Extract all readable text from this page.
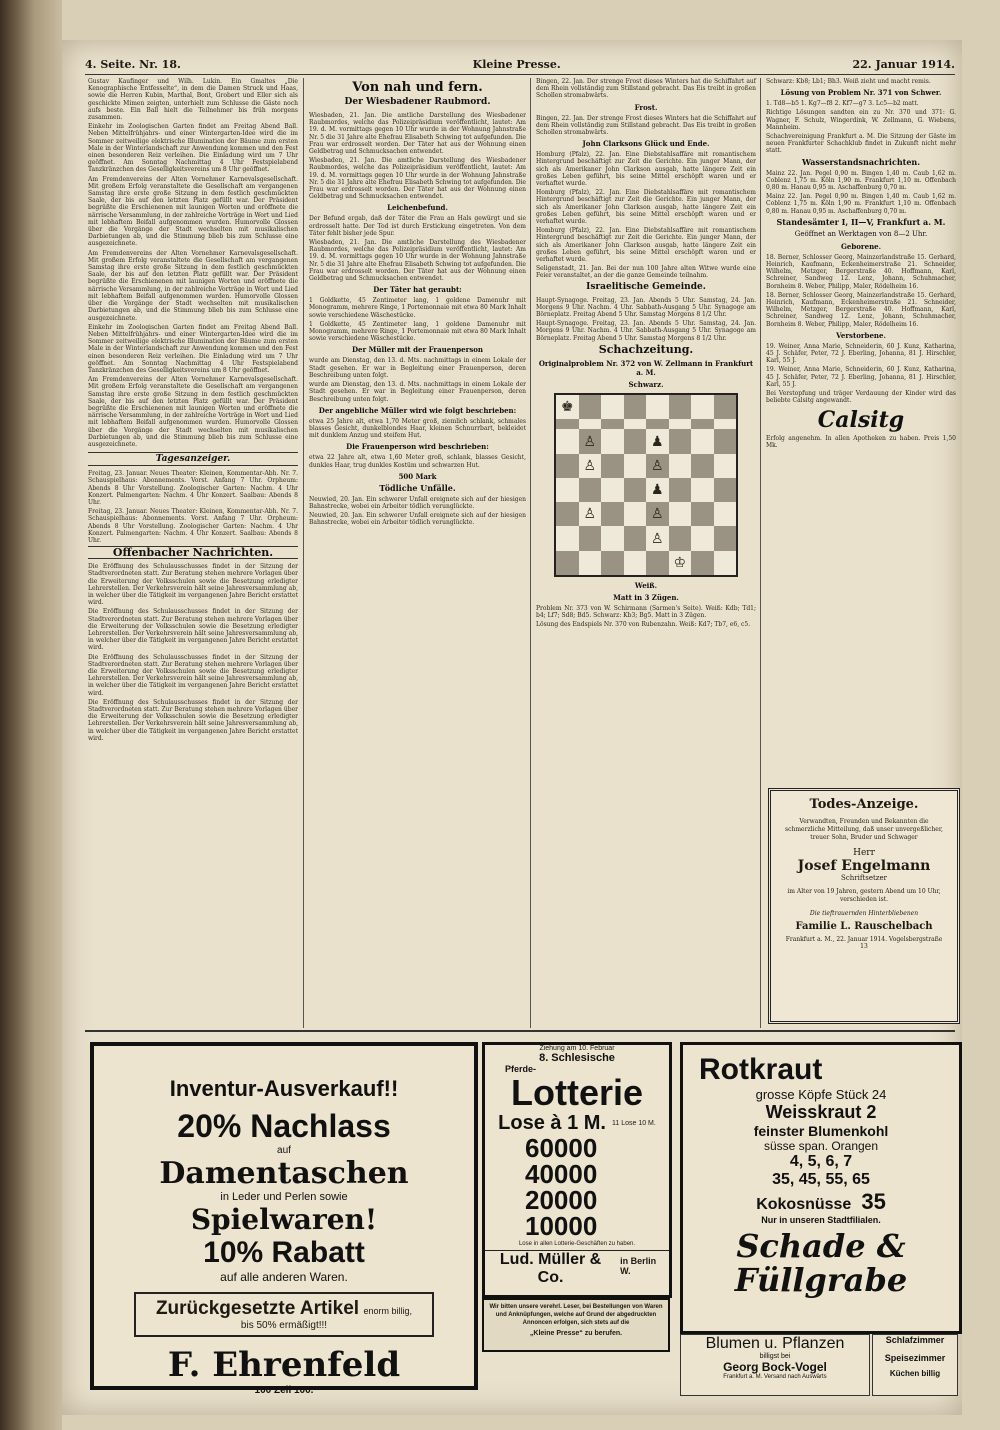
4. Seite. Nr. 18.	Kleine Presse.	22. Januar 1914.

Gustav Kaufinger und Wilh. Lukin. Ein Gmaltes „Die Kenographische Entfesselte“, in dem die Damen Struck und Haas, sowie die Herren Kubin, Marthal, Bont, Grobert und Eller sich als geschickte Mimen zeigten, unterhielt zum Schlusse die Gäste noch aufs beste. Ein Ball hielt die Teilnehmer bis früh morgens zusammen.

Einkehr im Zoologischen Garten findet am Freitag Abend Ball. Neben Mittelfrühjahrs- und einer Wintergarten-Idee wird die im Sommer zeitweilige elektrische Illumination der Bäume zum ersten Male in der Winterlandschaft zur Anwendung kommen und den Fest einen besonderen Reiz verleihen. Die Einladung wird um 7 Uhr geöffnet. Am Sonntag Nachmittag 4 Uhr Festspielabend Tanzkränzchen des Geselligkeitsvereins um 8 Uhr geöffnet.

Am Fremdenvereins der Alten Vornehmer Karnevalsgesellschaft. Mit großem Erfolg veranstaltete die Gesellschaft am vergangenen Samstag ihre erste große Sitzung in dem festlich geschmückten Saale, der bis auf den letzten Platz gefüllt war. Der Präsident begrüßte die Erschienenen mit launigen Worten und eröffnete die närrische Versammlung, in der zahlreiche Vorträge in Wort und Lied mit lebhaftem Beifall aufgenommen wurden. Humorvolle Glossen über die Vorgänge der Stadt wechselten mit musikalischen Darbietungen ab, und die Stimmung blieb bis zum Schlusse eine ausgezeichnete.

Am Fremdenvereins der Alten Vornehmer Karnevalsgesellschaft. Mit großem Erfolg veranstaltete die Gesellschaft am vergangenen Samstag ihre erste große Sitzung in dem festlich geschmückten Saale, der bis auf den letzten Platz gefüllt war. Der Präsident begrüßte die Erschienenen mit launigen Worten und eröffnete die närrische Versammlung, in der zahlreiche Vorträge in Wort und Lied mit lebhaftem Beifall aufgenommen wurden. Humorvolle Glossen über die Vorgänge der Stadt wechselten mit musikalischen Darbietungen ab, und die Stimmung blieb bis zum Schlusse eine ausgezeichnete.

Einkehr im Zoologischen Garten findet am Freitag Abend Ball. Neben Mittelfrühjahrs- und einer Wintergarten-Idee wird die im Sommer zeitweilige elektrische Illumination der Bäume zum ersten Male in der Winterlandschaft zur Anwendung kommen und den Fest einen besonderen Reiz verleihen. Die Einladung wird um 7 Uhr geöffnet. Am Sonntag Nachmittag 4 Uhr Festspielabend Tanzkränzchen des Geselligkeitsvereins um 8 Uhr geöffnet.

Am Fremdenvereins der Alten Vornehmer Karnevalsgesellschaft. Mit großem Erfolg veranstaltete die Gesellschaft am vergangenen Samstag ihre erste große Sitzung in dem festlich geschmückten Saale, der bis auf den letzten Platz gefüllt war. Der Präsident begrüßte die Erschienenen mit launigen Worten und eröffnete die närrische Versammlung, in der zahlreiche Vorträge in Wort und Lied mit lebhaftem Beifall aufgenommen wurden. Humorvolle Glossen über die Vorgänge der Stadt wechselten mit musikalischen Darbietungen ab, und die Stimmung blieb bis zum Schlusse eine ausgezeichnete.

Tagesanzeiger.

Freitag, 23. Januar. Neues Theater: Kleinen, Kommentar-Abh. Nr. 7. Schauspielhaus: Abonnements. Vorst. Anfang 7 Uhr. Orpheum: Abends 8 Uhr Vorstellung. Zoologischer Garten: Nachm. 4 Uhr Konzert. Palmengarten: Nachm. 4 Uhr Konzert. Saalbau: Abends 8 Uhr.

Freitag, 23. Januar. Neues Theater: Kleinen, Kommentar-Abh. Nr. 7. Schauspielhaus: Abonnements. Vorst. Anfang 7 Uhr. Orpheum: Abends 8 Uhr Vorstellung. Zoologischer Garten: Nachm. 4 Uhr Konzert. Palmengarten: Nachm. 4 Uhr Konzert. Saalbau: Abends 8 Uhr.

Offenbacher Nachrichten.

Die Eröffnung des Schulausschusses findet in der Sitzung der Stadtverordneten statt. Zur Beratung stehen mehrere Vorlagen über die Erweiterung der Volksschulen sowie die Besetzung erledigter Lehrerstellen. Der Verkehrsverein hält seine Jahresversammlung ab, in welcher über die Tätigkeit im vergangenen Jahre Bericht erstattet wird.

Die Eröffnung des Schulausschusses findet in der Sitzung der Stadtverordneten statt. Zur Beratung stehen mehrere Vorlagen über die Erweiterung der Volksschulen sowie die Besetzung erledigter Lehrerstellen. Der Verkehrsverein hält seine Jahresversammlung ab, in welcher über die Tätigkeit im vergangenen Jahre Bericht erstattet wird.

Die Eröffnung des Schulausschusses findet in der Sitzung der Stadtverordneten statt. Zur Beratung stehen mehrere Vorlagen über die Erweiterung der Volksschulen sowie die Besetzung erledigter Lehrerstellen. Der Verkehrsverein hält seine Jahresversammlung ab, in welcher über die Tätigkeit im vergangenen Jahre Bericht erstattet wird.

Die Eröffnung des Schulausschusses findet in der Sitzung der Stadtverordneten statt. Zur Beratung stehen mehrere Vorlagen über die Erweiterung der Volksschulen sowie die Besetzung erledigter Lehrerstellen. Der Verkehrsverein hält seine Jahresversammlung ab, in welcher über die Tätigkeit im vergangenen Jahre Bericht erstattet wird.

Von nah und fern.
Der Wiesbadener Raubmord.

Wiesbaden, 21. Jan. Die amtliche Darstellung des Wiesbadener Raubmordes, welche das Polizeipräsidium veröffentlicht, lautet: Am 19. d. M. vormittags gegen 10 Uhr wurde in der Wohnung Jahnstraße Nr. 5 die 31 Jahre alte Ehefrau Elisabeth Schwing tot aufgefunden. Die Frau war erdrosselt worden. Der Täter hat aus der Wohnung einen Geldbetrag und Schmucksachen entwendet.

Wiesbaden, 21. Jan. Die amtliche Darstellung des Wiesbadener Raubmordes, welche das Polizeipräsidium veröffentlicht, lautet: Am 19. d. M. vormittags gegen 10 Uhr wurde in der Wohnung Jahnstraße Nr. 5 die 31 Jahre alte Ehefrau Elisabeth Schwing tot aufgefunden. Die Frau war erdrosselt worden. Der Täter hat aus der Wohnung einen Geldbetrag und Schmucksachen entwendet.

Leichenbefund.

Der Befund ergab, daß der Täter die Frau an Hals gewürgt und sie erdrosselt hatte. Der Tod ist durch Erstickung eingetreten. Von dem Täter fehlt bisher jede Spur.

Wiesbaden, 21. Jan. Die amtliche Darstellung des Wiesbadener Raubmordes, welche das Polizeipräsidium veröffentlicht, lautet: Am 19. d. M. vormittags gegen 10 Uhr wurde in der Wohnung Jahnstraße Nr. 5 die 31 Jahre alte Ehefrau Elisabeth Schwing tot aufgefunden. Die Frau war erdrosselt worden. Der Täter hat aus der Wohnung einen Geldbetrag und Schmucksachen entwendet.

Der Täter hat geraubt:

1 Goldkette, 45 Zentimeter lang, 1 goldene Damenuhr mit Monogramm, mehrere Ringe, 1 Portemonnaie mit etwa 80 Mark Inhalt sowie verschiedene Wäschestücke.

1 Goldkette, 45 Zentimeter lang, 1 goldene Damenuhr mit Monogramm, mehrere Ringe, 1 Portemonnaie mit etwa 80 Mark Inhalt sowie verschiedene Wäschestücke.

Der Müller mit der Frauenperson

wurde am Dienstag, den 13. d. Mts. nachmittags in einem Lokale der Stadt gesehen. Er war in Begleitung einer Frauenperson, deren Beschreibung unten folgt.

wurde am Dienstag, den 13. d. Mts. nachmittags in einem Lokale der Stadt gesehen. Er war in Begleitung einer Frauenperson, deren Beschreibung unten folgt.

Der angebliche Müller wird wie folgt beschrieben:

etwa 25 Jahre alt, etwa 1,70 Meter groß, ziemlich schlank, schmales blasses Gesicht, dunkelblondes Haar, kleinen Schnurrbart, bekleidet mit dunklem Anzug und steifem Hut.

Die Frauenperson wird beschrieben:

etwa 22 Jahre alt, etwa 1,60 Meter groß, schlank, blasses Gesicht, dunkles Haar, trug dunkles Kostüm und schwarzen Hut.

500 Mark
Tödliche Unfälle.

Neuwied, 20. Jan. Ein schwerer Unfall ereignete sich auf der hiesigen Bahnstrecke, wobei ein Arbeiter tödlich verunglückte.

Neuwied, 20. Jan. Ein schwerer Unfall ereignete sich auf der hiesigen Bahnstrecke, wobei ein Arbeiter tödlich verunglückte.

Bingen, 22. Jan. Der strenge Frost dieses Winters hat die Schiffahrt auf dem Rhein vollständig zum Stillstand gebracht. Das Eis treibt in großen Schollen stromabwärts.

Frost.

Bingen, 22. Jan. Der strenge Frost dieses Winters hat die Schiffahrt auf dem Rhein vollständig zum Stillstand gebracht. Das Eis treibt in großen Schollen stromabwärts.

John Clarksons Glück und Ende.

Homburg (Pfalz), 22. Jan. Eine Diebstahlsaffäre mit romantischem Hintergrund beschäftigt zur Zeit die Gerichte. Ein junger Mann, der sich als Amerikaner John Clarkson ausgab, hatte längere Zeit ein großes Leben geführt, bis seine Mittel erschöpft waren und er verhaftet wurde.

Homburg (Pfalz), 22. Jan. Eine Diebstahlsaffäre mit romantischem Hintergrund beschäftigt zur Zeit die Gerichte. Ein junger Mann, der sich als Amerikaner John Clarkson ausgab, hatte längere Zeit ein großes Leben geführt, bis seine Mittel erschöpft waren und er verhaftet wurde.

Homburg (Pfalz), 22. Jan. Eine Diebstahlsaffäre mit romantischem Hintergrund beschäftigt zur Zeit die Gerichte. Ein junger Mann, der sich als Amerikaner John Clarkson ausgab, hatte längere Zeit ein großes Leben geführt, bis seine Mittel erschöpft waren und er verhaftet wurde.

Seligenstadt, 21. Jan. Bei der nun 100 Jahre alten Witwe wurde eine Feier veranstaltet, an der die ganze Gemeinde teilnahm.

Israelitische Gemeinde.

Haupt-Synagoge. Freitag, 23. Jan. Abends 5 Uhr. Samstag, 24. Jan. Morgens 9 Uhr. Nachm. 4 Uhr. Sabbath-Ausgang 5 Uhr. Synagoge am Börneplatz. Freitag Abend 5 Uhr. Samstag Morgens 8 1/2 Uhr.

Haupt-Synagoge. Freitag, 23. Jan. Abends 5 Uhr. Samstag, 24. Jan. Morgens 9 Uhr. Nachm. 4 Uhr. Sabbath-Ausgang 5 Uhr. Synagoge am Börneplatz. Freitag Abend 5 Uhr. Samstag Morgens 8 1/2 Uhr.

Schachzeitung.
Originalproblem Nr. 372 von W. Zellmann in Frankfurt a. M.
Schwarz.
♚
♙	♟
♙	♙
♟
♙	♙
♙
♔
Weiß.
Matt in 3 Zügen.

Problem Nr. 373 von W. Schirmann (Sarmen's Seite). Weiß: Kdb; Td1; b4; Lf7; Sd8; Bd5. Schwarz: Kb3; Bg5. Matt in 3 Zügen.

Lösung des Endspiels Nr. 370 von Rubenzahn. Weiß: Kd7; Tb7, e6, c5.

Schwarz: Kb8; Lb1; Bh3. Weiß zieht und macht remis.

Lösung von Problem Nr. 371 von Schwer.

1. Td8—b5 1. Kg7—f8 2. Kf7—g7 3. Lc5—b2 matt.

Richtige Lösungen sandten ein zu Nr. 370 und 371: G. Wagner, F. Schulz, Wingerdink, W. Zellmann, G. Wiebens, Mannheim.

Schachvereinigung Frankfurt a. M. Die Sitzung der Gäste im neuen Frankfurter Schachklub findet in Zukunft nicht mehr statt.

Wasserstandsnachrichten.

Mainz 22. Jan. Pegel 0,90 m. Bingen 1,40 m. Caub 1,62 m. Coblenz 1,75 m. Köln 1,90 m. Frankfurt 1,10 m. Offenbach 0,80 m. Hanau 0,95 m. Aschaffenburg 0,70 m.

Mainz 22. Jan. Pegel 0,90 m. Bingen 1,40 m. Caub 1,62 m. Coblenz 1,75 m. Köln 1,90 m. Frankfurt 1,10 m. Offenbach 0,80 m. Hanau 0,95 m. Aschaffenburg 0,70 m.

Standesämter I, II—V, Frankfurt a. M.
Geöffnet an Werktagen von 8—2 Uhr.
Geborene.

18. Berner, Schlosser Georg, Mainzerlandstraße 15. Gerhard, Heinrich, Kaufmann, Eckenheimerstraße 21. Schneider, Wilhelm, Metzger, Bergerstraße 40. Hoffmann, Karl, Schreiner, Sandweg 12. Lenz, Johann, Schuhmacher, Bornheim 8. Weber, Philipp, Maler, Rödelheim 16.

18. Berner, Schlosser Georg, Mainzerlandstraße 15. Gerhard, Heinrich, Kaufmann, Eckenheimerstraße 21. Schneider, Wilhelm, Metzger, Bergerstraße 40. Hoffmann, Karl, Schreiner, Sandweg 12. Lenz, Johann, Schuhmacher, Bornheim 8. Weber, Philipp, Maler, Rödelheim 16.

Verstorbene.

19. Weiner, Anna Marie, Schneiderin, 60 J. Kunz, Katharina, 45 J. Schäfer, Peter, 72 J. Eberling, Johanna, 81 J. Hirschler, Karl, 55 J.

19. Weiner, Anna Marie, Schneiderin, 60 J. Kunz, Katharina, 45 J. Schäfer, Peter, 72 J. Eberling, Johanna, 81 J. Hirschler, Karl, 55 J.

Bei Verstopfung und träger Verdauung der Kinder wird das beliebte Calsitg angewandt.

Calsitg

Erfolg angenehm. In allen Apotheken zu haben. Preis 1,50 Mk.

Todes-Anzeige.
Verwandten, Freunden und Bekannten die schmerzliche Mitteilung, daß unser unvergeßlicher, treuer Sohn, Bruder und Schwager
Herr
Josef Engelmann
Schriftsetzer
im Alter von 19 Jahren, gestern Abend um 10 Uhr, verschieden ist.
Die tieftrauernden Hinterbliebenen
Familie L. Rauschelbach
Frankfurt a. M., 22. Januar 1914. Vogelsbergstraße 13
Inventur-Ausverkauf!!
20% Nachlass
auf
Damentaschen
in Leder und Perlen sowie
Spielwaren!
10% Rabatt
auf alle anderen Waren.
Zurückgesetzte Artikel enorm billig,
bis 50% ermäßigt!!!
F. Ehrenfeld
100 Zeil 100.
Ziehung am 10. Februar
8. Schlesische
Pferde-
Lotterie
Lose à 1 M. 11 Lose 10 M.
60000
40000
20000
10000
Lose in allen Lotterie-Geschäften zu haben.
Lud. Müller & Co.
in Berlin W.
Rotkraut
grosse Köpfe Stück 24
Weisskraut 2
feinster Blumenkohl
süsse span. Orangen
4, 5, 6, 7
35, 45, 55, 65
Kokosnüsse 35
Nur in unseren Stadtfilialen.
Schade &
Füllgrabe
Wir bitten unsere verehrl. Leser, bei Bestellungen von Waren und Anknüpfungen, welche auf Grund der abgedruckten Annoncen erfolgen, sich stets auf die
„Kleine Presse“ zu berufen.
Blumen u. Pflanzen
billigst bei
Georg Bock-Vogel
Frankfurt a. M. Versand nach Auswärts
Schlafzimmer
Speisezimmer
Küchen billig
